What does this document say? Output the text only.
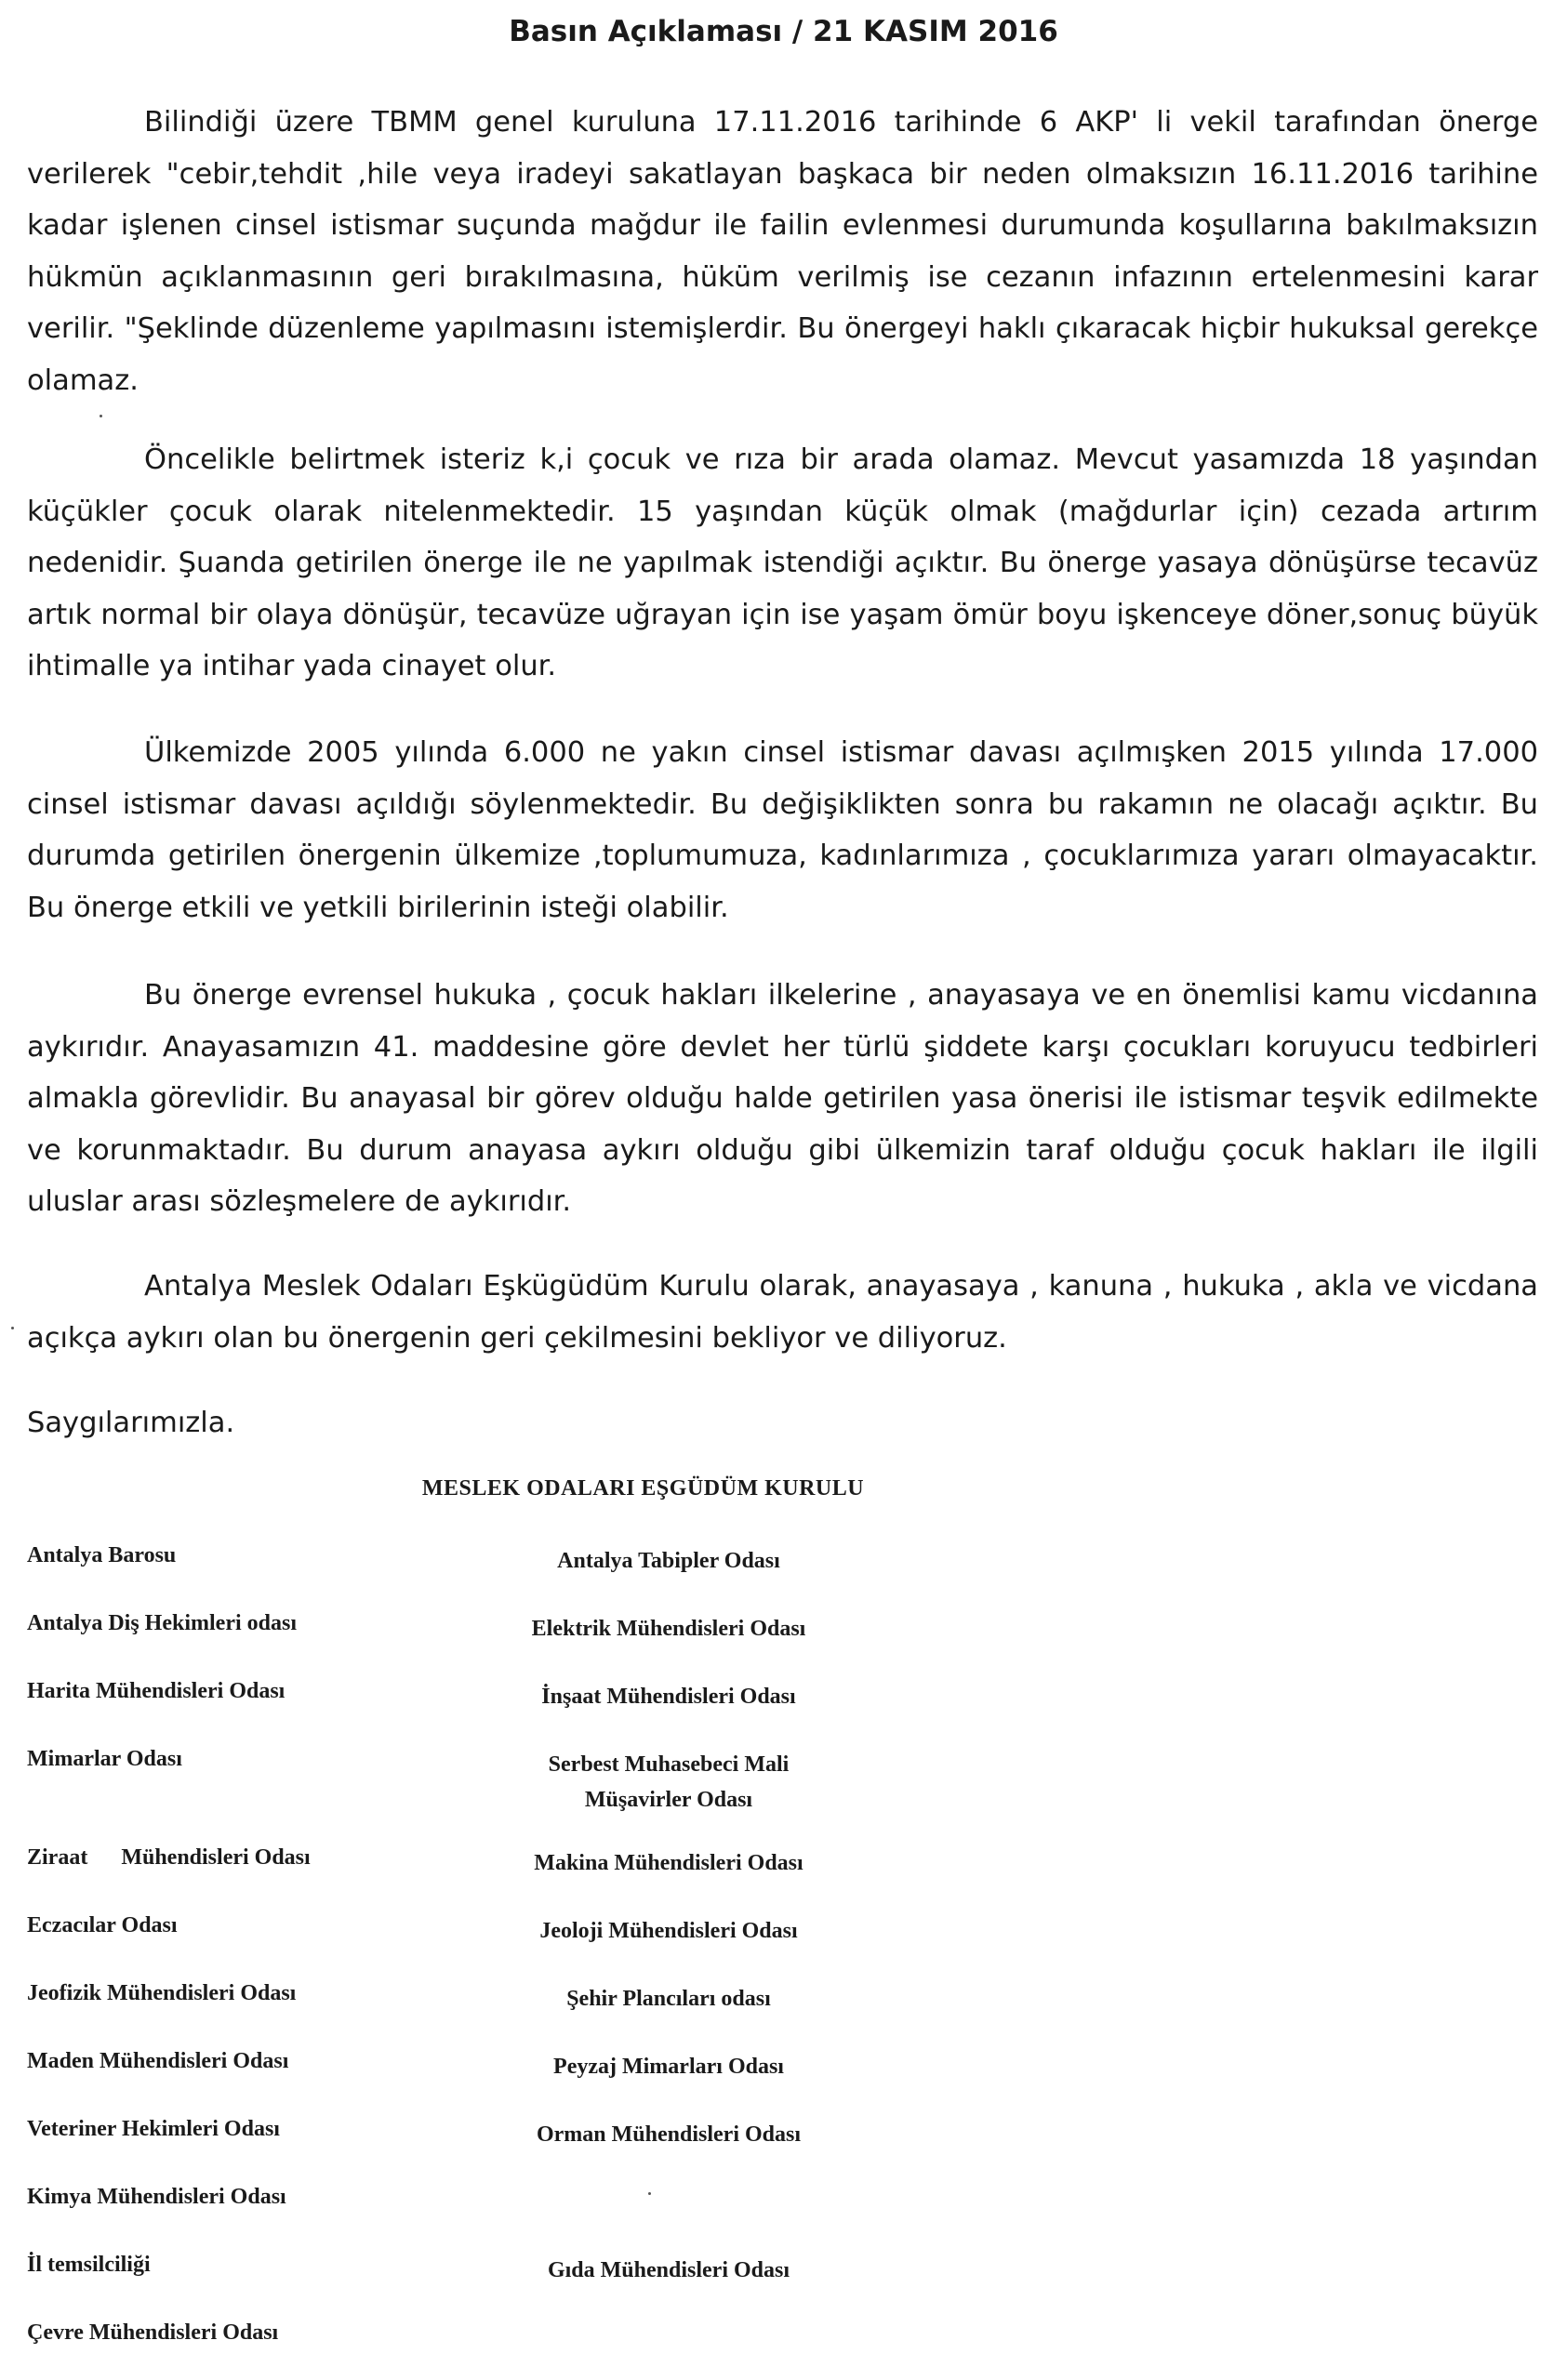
Basın Açıklaması / 21 KASIM 2016

Bilindiği üzere TBMM genel kuruluna 17.11.2016 tarihinde 6 AKP' li vekil tarafından önerge verilerek "cebir,tehdit ,hile veya iradeyi sakatlayan başkaca bir neden olmaksızın 16.11.2016 tarihine kadar işlenen cinsel istismar suçunda mağdur ile failin evlenmesi durumunda koşullarına bakılmaksızın hükmün açıklanmasının geri bırakılmasına, hüküm verilmiş ise cezanın infazının ertelenmesini karar verilir. "Şeklinde düzenleme yapılmasını istemişlerdir. Bu önergeyi haklı çıkaracak hiçbir hukuksal gerekçe olamaz.

Öncelikle belirtmek isteriz k,i çocuk ve rıza bir arada olamaz. Mevcut yasamızda 18 yaşından küçükler çocuk olarak nitelenmektedir. 15 yaşından küçük olmak (mağdurlar için) cezada artırım nedenidir. Şuanda getirilen önerge ile ne yapılmak istendiği açıktır. Bu önerge yasaya dönüşürse tecavüz artık normal bir olaya dönüşür, tecavüze uğrayan için ise yaşam ömür boyu işkenceye döner,sonuç büyük ihtimalle ya intihar yada cinayet olur.

Ülkemizde 2005 yılında 6.000 ne yakın cinsel istismar davası açılmışken 2015 yılında 17.000 cinsel istismar davası açıldığı söylenmektedir. Bu değişiklikten sonra bu rakamın ne olacağı açıktır. Bu durumda getirilen önergenin ülkemize ,toplumumuza, kadınlarımıza , çocuklarımıza yararı olmayacaktır. Bu önerge etkili ve yetkili birilerinin isteği olabilir.

Bu önerge evrensel hukuka , çocuk hakları ilkelerine , anayasaya ve en önemlisi kamu vicdanına aykırıdır. Anayasamızın 41. maddesine göre devlet her türlü şiddete karşı çocukları koruyucu tedbirleri almakla görevlidir. Bu anayasal bir görev olduğu halde getirilen yasa önerisi ile istismar teşvik edilmekte ve korunmaktadır. Bu durum anayasa aykırı olduğu gibi ülkemizin taraf olduğu çocuk hakları ile ilgili uluslar arası sözleşmelere de aykırıdır.

Antalya Meslek Odaları Eşkügüdüm Kurulu olarak, anayasaya , kanuna , hukuka , akla ve vicdana açıkça aykırı olan bu önergenin geri çekilmesini bekliyor ve diliyoruz.

Saygılarımızla.

MESLEK ODALARI EŞGÜDÜM KURULU
Antalya Barosu	Antalya Tabipler Odası
Antalya Diş Hekimleri odası	Elektrik Mühendisleri Odası
Harita Mühendisleri Odası	İnşaat Mühendisleri Odası
Mimarlar Odası	Serbest Muhasebeci Mali
Müşavirler Odası
Ziraat      Mühendisleri Odası	Makina Mühendisleri Odası
Eczacılar Odası	Jeoloji Mühendisleri Odası
Jeofizik Mühendisleri Odası	Şehir Plancıları odası
Maden Mühendisleri Odası	Peyzaj Mimarları Odası
Veteriner Hekimleri Odası	Orman Mühendisleri Odası
Kimya Mühendisleri Odası
İl temsilciliği	Gıda Mühendisleri Odası
Çevre Mühendisleri Odası
